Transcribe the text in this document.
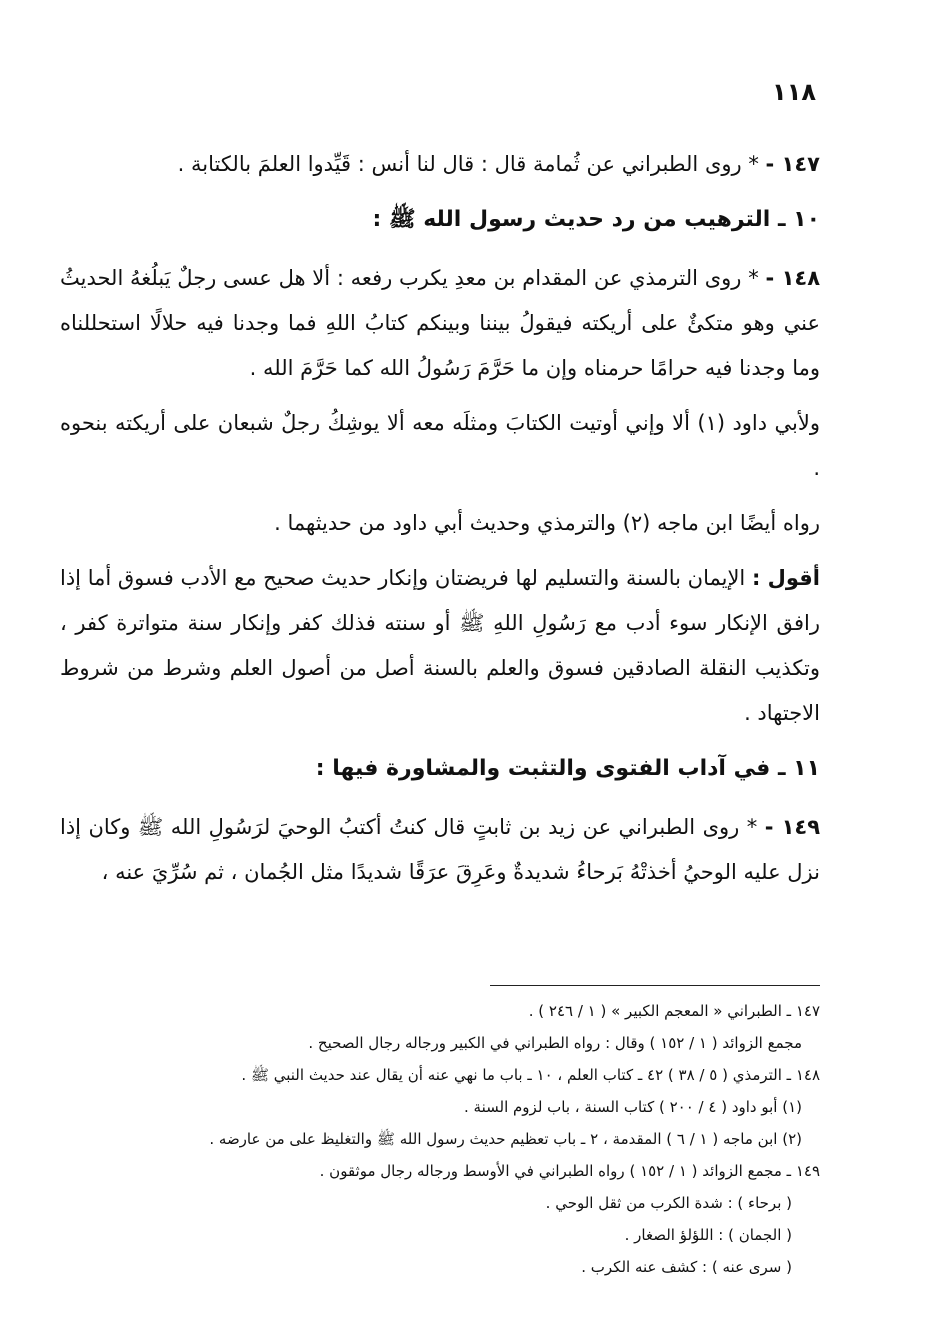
١١٨

١٤٧ - * روى الطبراني عن ثُمامة قال : قال لنا أنس : قَيِّدوا العلمَ بالكتابة .

١٠ ـ الترهيب من رد حديث رسول الله ﷺ :

١٤٨ - * روى الترمذي عن المقدام بن معدِ يكرب رفعه : ألا هل عسى رجلٌ يَبلُغهُ الحديثُ عني وهو متكئٌ على أريكته فيقولُ بيننا وبينكم كتابُ اللهِ فما وجدنا فيه حلالًا استحللناه وما وجدنا فيه حرامًا حرمناه وإن ما حَرَّمَ رَسُولُ الله كما حَرَّمَ الله .

ولأبي داود (١) ألا وإني أوتيت الكتابَ ومثلَه معه ألا يوشِكُ رجلٌ شبعان على أريكته بنحوه .

رواه أيضًا ابن ماجه (٢) والترمذي وحديث أبي داود من حديثهما .

أقول : الإيمان بالسنة والتسليم لها فريضتان وإنكار حديث صحيح مع الأدب فسوق أما إذا رافق الإنكار سوء أدب مع رَسُولِ اللهِ ﷺ أو سنته فذلك كفر وإنكار سنة متواترة كفر ، وتكذيب النقلة الصادقين فسوق والعلم بالسنة أصل من أصول العلم وشرط من شروط الاجتهاد .

١١ ـ في آداب الفتوى والتثبت والمشاورة فيها :

١٤٩ - * روى الطبراني عن زيد بن ثابتٍ قال كنتُ أكتبُ الوحيَ لرَسُولِ الله ﷺ وكان إذا نزل عليه الوحيُ أخذتْهُ بَرحاءُ شديدةٌ وعَرِقَ عرَقًا شديدًا مثل الجُمان ، ثم سُرِّيَ عنه ،

١٤٧ ـ الطبراني « المعجم الكبير » ( ١ / ٢٤٦ ) .

مجمع الزوائد ( ١ / ١٥٢ ) وقال : رواه الطبراني في الكبير ورجاله رجال الصحيح .

١٤٨ ـ الترمذي ( ٥ / ٣٨ ) ٤٢ ـ كتاب العلم ، ١٠ ـ باب ما نهي عنه أن يقال عند حديث النبي ﷺ .

(١) أبو داود ( ٤ / ٢٠٠ ) كتاب السنة ، باب لزوم السنة .

(٢) ابن ماجه ( ١ / ٦ ) المقدمة ، ٢ ـ باب تعظيم حديث رسول الله ﷺ والتغليظ على من عارضه .

١٤٩ ـ مجمع الزوائد ( ١ / ١٥٢ ) رواه الطبراني في الأوسط ورجاله رجال موثقون .

( برحاء ) : شدة الكرب من ثقل الوحي .

( الجمان ) : اللؤلؤ الصغار .

( سرى عنه ) : كشف عنه الكرب .
